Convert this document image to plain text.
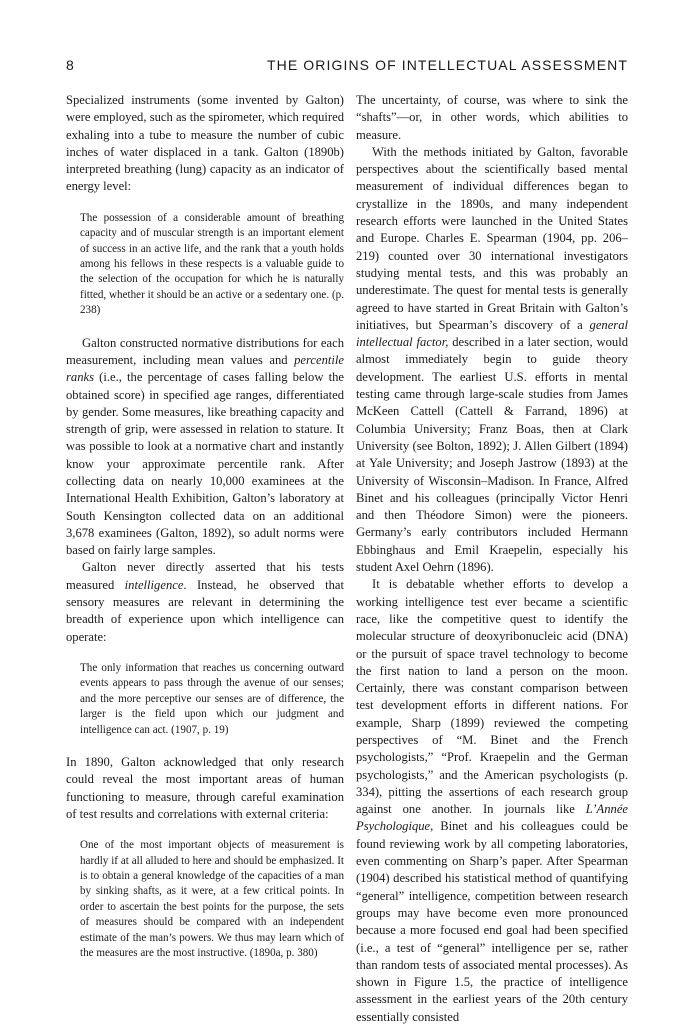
8	THE ORIGINS OF INTELLECTUAL ASSESSMENT

Specialized instruments (some invented by Galton) were employed, such as the spirometer, which required exhaling into a tube to measure the number of cubic inches of water displaced in a tank. Galton (1890b) interpreted breathing (lung) capacity as an indicator of energy level:

The possession of a considerable amount of breathing capacity and of muscular strength is an important element of success in an active life, and the rank that a youth holds among his fellows in these respects is a valuable guide to the selection of the occupation for which he is naturally fitted, whether it should be an active or a sedentary one. (p. 238)

Galton constructed normative distributions for each measurement, including mean values and percentile ranks (i.e., the percentage of cases falling below the obtained score) in specified age ranges, differentiated by gender. Some measures, like breathing capacity and strength of grip, were assessed in relation to stature. It was possible to look at a normative chart and instantly know your approximate percentile rank. After collecting data on nearly 10,000 examinees at the International Health Exhibition, Galton’s laboratory at South Kensington collected data on an additional 3,678 examinees (Galton, 1892), so adult norms were based on fairly large samples.

Galton never directly asserted that his tests measured intelligence. Instead, he observed that sensory measures are relevant in determining the breadth of experience upon which intelligence can operate:

The only information that reaches us concerning outward events appears to pass through the avenue of our senses; and the more perceptive our senses are of difference, the larger is the field upon which our judgment and intelligence can act. (1907, p. 19)

In 1890, Galton acknowledged that only research could reveal the most important areas of human functioning to measure, through careful examination of test results and correlations with external criteria:

One of the most important objects of measurement is hardly if at all alluded to here and should be emphasized. It is to obtain a general knowledge of the capacities of a man by sinking shafts, as it were, at a few critical points. In order to ascertain the best points for the purpose, the sets of measures should be compared with an independent estimate of the man’s powers. We thus may learn which of the measures are the most instructive. (1890a, p. 380)

The uncertainty, of course, was where to sink the “shafts”—or, in other words, which abilities to measure.

With the methods initiated by Galton, favorable perspectives about the scientifically based mental measurement of individual differences began to crystallize in the 1890s, and many independent research efforts were launched in the United States and Europe. Charles E. Spearman (1904, pp. 206–219) counted over 30 international investigators studying mental tests, and this was probably an underestimate. The quest for mental tests is generally agreed to have started in Great Britain with Galton’s initiatives, but Spearman’s discovery of a general intellectual factor, described in a later section, would almost immediately begin to guide theory development. The earliest U.S. efforts in mental testing came through large-scale studies from James McKeen Cattell (Cattell & Farrand, 1896) at Columbia University; Franz Boas, then at Clark University (see Bolton, 1892); J. Allen Gilbert (1894) at Yale University; and Joseph Jastrow (1893) at the University of Wisconsin–Madison. In France, Alfred Binet and his colleagues (principally Victor Henri and then Théodore Simon) were the pioneers. Germany’s early contributors included Hermann Ebbinghaus and Emil Kraepelin, especially his student Axel Oehrn (1896).

It is debatable whether efforts to develop a working intelligence test ever became a scientific race, like the competitive quest to identify the molecular structure of deoxyribonucleic acid (DNA) or the pursuit of space travel technology to become the first nation to land a person on the moon. Certainly, there was constant comparison between test development efforts in different nations. For example, Sharp (1899) reviewed the competing perspectives of “M. Binet and the French psychologists,” “Prof. Kraepelin and the German psychologists,” and the American psychologists (p. 334), pitting the assertions of each research group against one another. In journals like L’Année Psychologique, Binet and his colleagues could be found reviewing work by all competing laboratories, even commenting on Sharp’s paper. After Spearman (1904) described his statistical method of quantifying “general” intelligence, competition between research groups may have become even more pronounced because a more focused end goal had been specified (i.e., a test of “general” intelligence per se, rather than random tests of associated mental processes). As shown in Figure 1.5, the practice of intelligence assessment in the earliest years of the 20th century essentially consisted
